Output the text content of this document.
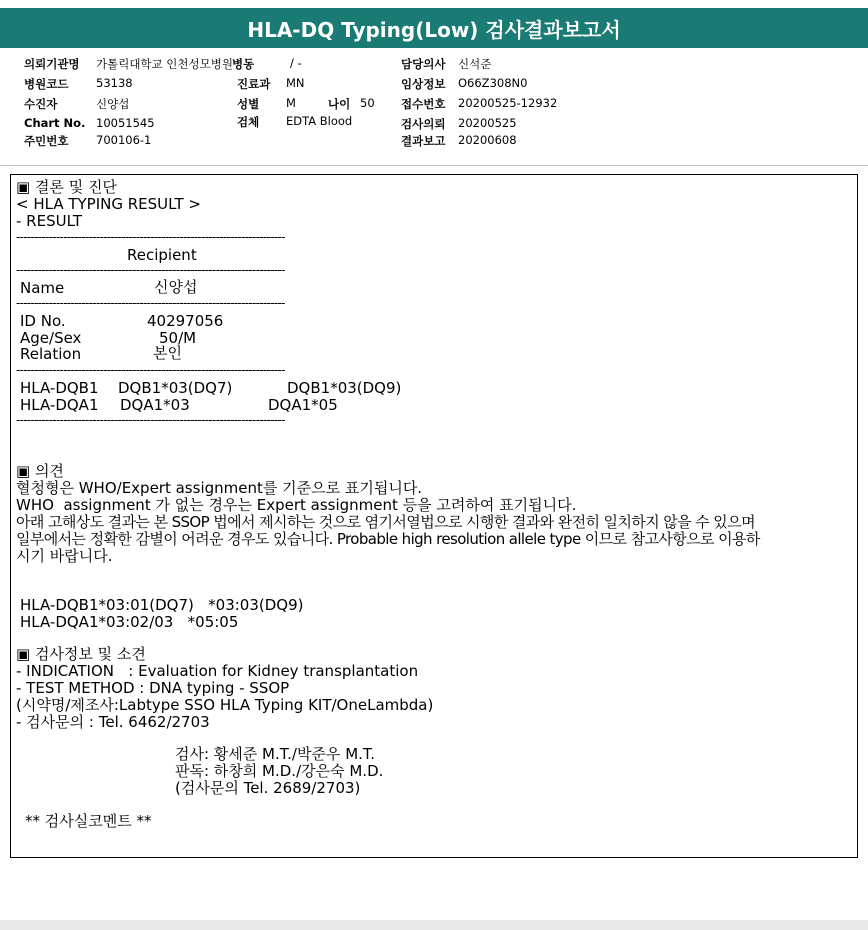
HLA-DQ Typing(Low) 검사결과보고서
의뢰기관명 가톨릭대학교 인천성모병원 병동	/ -	담당의사 신석준
병원코드 53138	진료과 MN	임상정보 O66Z308N0
수진자	신양섭	성별 M	나이 50 접수번호 20200525-12932
Chart No. 10051545	검체 EDTA Blood	검사의뢰 20200525
주민번호 700106-1	결과보고 20200608
▣ 결론 및 진단
< HLA TYPING RESULT >
- RESULT
--------------------------------------------------------------------------
Recipient
--------------------------------------------------------------------------
Name	신양섭
--------------------------------------------------------------------------
ID No.	40297056
Age/Sex	50/M
Relation	본인
--------------------------------------------------------------------------
HLA-DQB1 DQB1*03(DQ7)	DQB1*03(DQ9)
HLA-DQA1 DQA1*03	DQA1*05
--------------------------------------------------------------------------
▣ 의견
혈청형은 WHO/Expert assignment를 기준으로 표기됩니다.
WHO  assignment 가 없는 경우는 Expert assignment 등을 고려하여 표기됩니다.
아래 고해상도 결과는 본 SSOP 법에서 제시하는 것으로 염기서열법으로 시행한 결과와 완전히 일치하지 않을 수 있으며
일부에서는 정확한 감별이 어려운 경우도 있습니다. Probable high resolution allele type 이므로 참고사항으로 이용하
시기 바랍니다.
HLA-DQB1*03:01(DQ7)   *03:03(DQ9)
HLA-DQA1*03:02/03   *05:05
▣ 검사정보 및 소견
- INDICATION   : Evaluation for Kidney transplantation
- TEST METHOD : DNA typing - SSOP
(시약명/제조사:Labtype SSO HLA Typing KIT/OneLambda)
- 검사문의 : Tel. 6462/2703
검사: 황세준 M.T./박준우 M.T.
판독: 하창희 M.D./강은숙 M.D.
(검사문의 Tel. 2689/2703)
** 검사실코멘트 **
